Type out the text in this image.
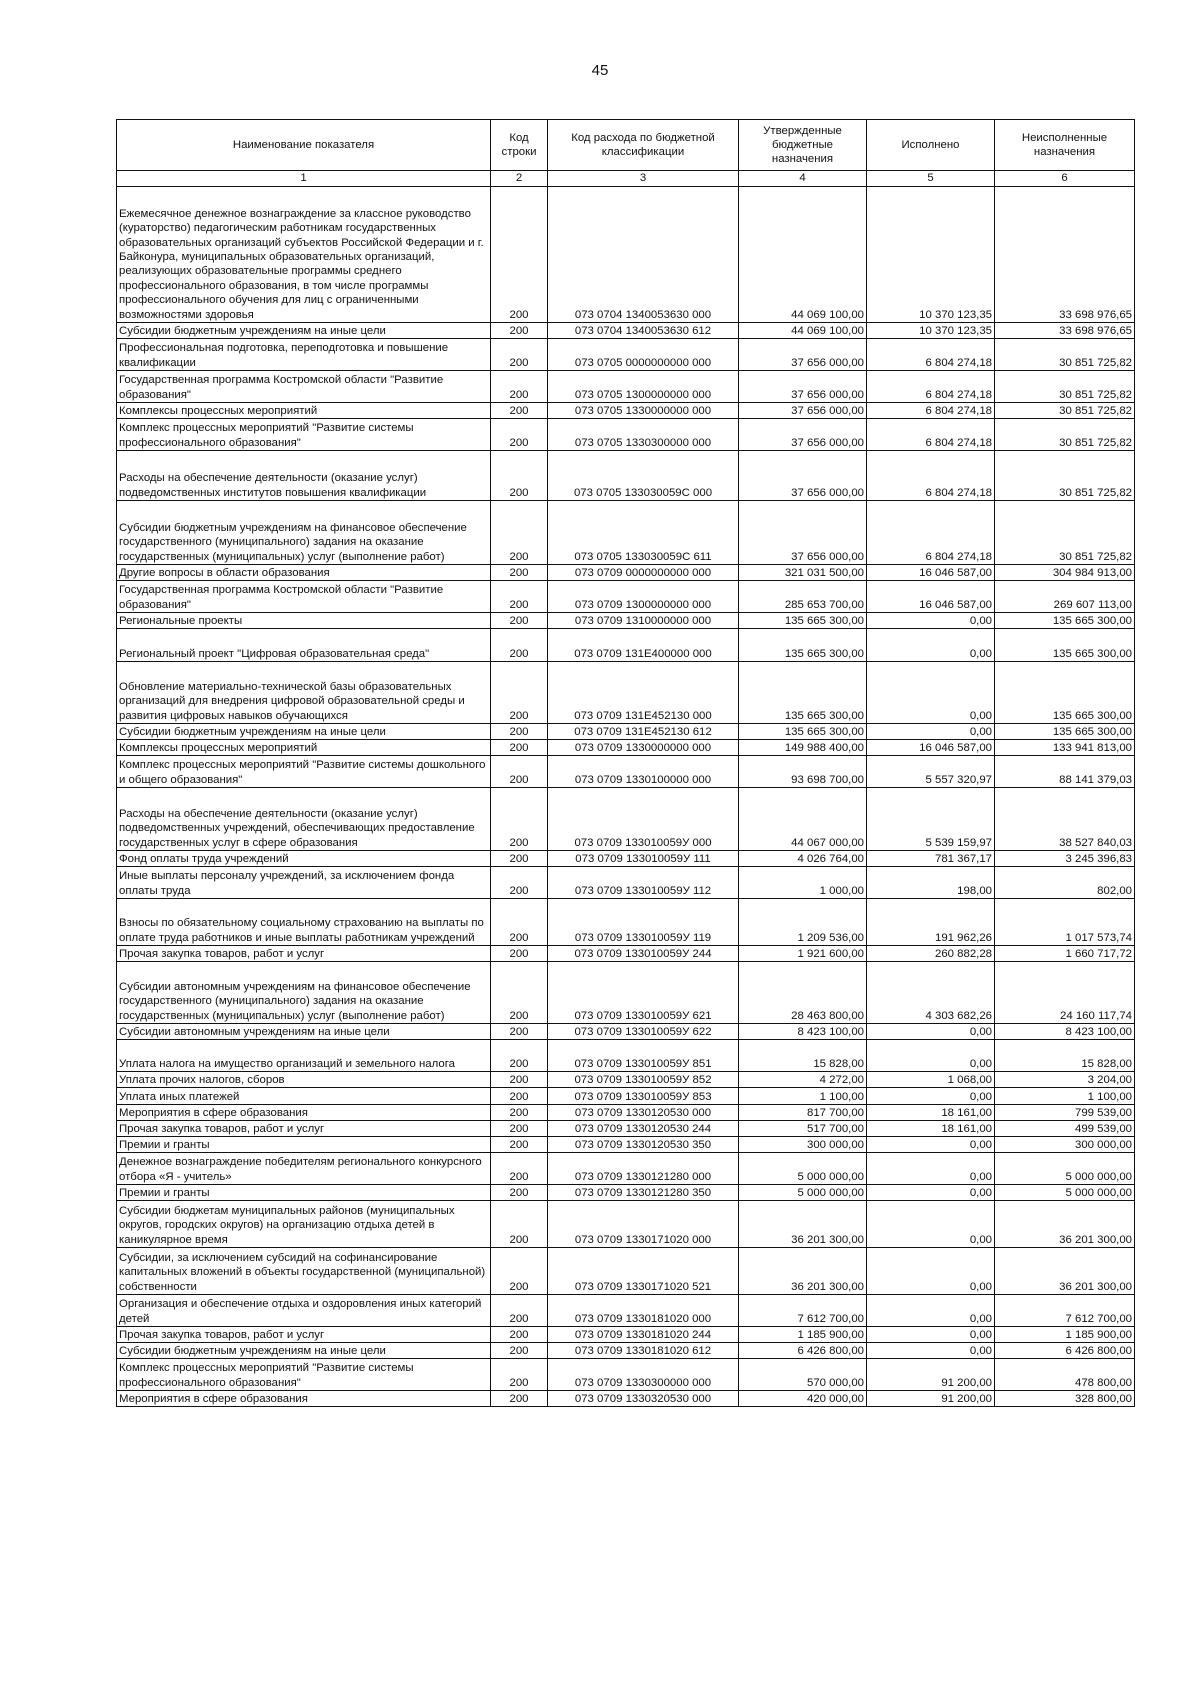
45
Наименование показателя	Код строки	Код расхода по бюджетной классификации	Утвержденные бюджетные назначения	Исполнено	Неисполненные назначения
1	2	3	4	5	6
Ежемесячное денежное вознаграждение за классное руководство (кураторство) педагогическим работникам государственных образовательных организаций субъектов Российской Федерации и г. Байконура, муниципальных образовательных организаций, реализующих образовательные программы среднего профессионального образования, в том числе программы профессионального обучения для лиц с ограниченными возможностями здоровья	200	073 0704 1340053630 000	44 069 100,00	10 370 123,35	33 698 976,65
Субсидии бюджетным учреждениям на иные цели	200	073 0704 1340053630 612	44 069 100,00	10 370 123,35	33 698 976,65
Профессиональная подготовка, переподготовка и повышение квалификации	200	073 0705 0000000000 000	37 656 000,00	6 804 274,18	30 851 725,82
Государственная программа Костромской области "Развитие образования"	200	073 0705 1300000000 000	37 656 000,00	6 804 274,18	30 851 725,82
Комплексы процессных мероприятий	200	073 0705 1330000000 000	37 656 000,00	6 804 274,18	30 851 725,82
Комплекс процессных мероприятий "Развитие системы профессионального образования"	200	073 0705 1330300000 000	37 656 000,00	6 804 274,18	30 851 725,82
Расходы на обеспечение деятельности (оказание услуг) подведомственных институтов повышения квалификации	200	073 0705 133030059С 000	37 656 000,00	6 804 274,18	30 851 725,82
Субсидии бюджетным учреждениям на финансовое обеспечение государственного (муниципального) задания на оказание государственных (муниципальных) услуг (выполнение работ)	200	073 0705 133030059С 611	37 656 000,00	6 804 274,18	30 851 725,82
Другие вопросы в области образования	200	073 0709 0000000000 000	321 031 500,00	16 046 587,00	304 984 913,00
Государственная программа Костромской области "Развитие образования"	200	073 0709 1300000000 000	285 653 700,00	16 046 587,00	269 607 113,00
Региональные проекты	200	073 0709 1310000000 000	135 665 300,00	0,00	135 665 300,00
Региональный проект "Цифровая образовательная среда"	200	073 0709 131Е400000 000	135 665 300,00	0,00	135 665 300,00
Обновление материально-технической базы образовательных организаций для внедрения цифровой образовательной среды и развития цифровых навыков обучающихся	200	073 0709 131Е452130 000	135 665 300,00	0,00	135 665 300,00
Субсидии бюджетным учреждениям на иные цели	200	073 0709 131Е452130 612	135 665 300,00	0,00	135 665 300,00
Комплексы процессных мероприятий	200	073 0709 1330000000 000	149 988 400,00	16 046 587,00	133 941 813,00
Комплекс процессных мероприятий "Развитие системы дошкольного и общего образования"	200	073 0709 1330100000 000	93 698 700,00	5 557 320,97	88 141 379,03
Расходы на обеспечение деятельности (оказание услуг) подведомственных учреждений, обеспечивающих предоставление государственных услуг в сфере образования	200	073 0709 133010059У 000	44 067 000,00	5 539 159,97	38 527 840,03
Фонд оплаты труда учреждений	200	073 0709 133010059У 111	4 026 764,00	781 367,17	3 245 396,83
Иные выплаты персоналу учреждений, за исключением фонда оплаты труда	200	073 0709 133010059У 112	1 000,00	198,00	802,00
Взносы по обязательному социальному страхованию на выплаты по оплате труда работников и иные выплаты работникам учреждений	200	073 0709 133010059У 119	1 209 536,00	191 962,26	1 017 573,74
Прочая закупка товаров, работ и услуг	200	073 0709 133010059У 244	1 921 600,00	260 882,28	1 660 717,72
Субсидии автономным учреждениям на финансовое обеспечение государственного (муниципального) задания на оказание государственных (муниципальных) услуг (выполнение работ)	200	073 0709 133010059У 621	28 463 800,00	4 303 682,26	24 160 117,74
Субсидии автономным учреждениям на иные цели	200	073 0709 133010059У 622	8 423 100,00	0,00	8 423 100,00
Уплата налога на имущество организаций и земельного налога	200	073 0709 133010059У 851	15 828,00	0,00	15 828,00
Уплата прочих налогов, сборов	200	073 0709 133010059У 852	4 272,00	1 068,00	3 204,00
Уплата иных платежей	200	073 0709 133010059У 853	1 100,00	0,00	1 100,00
Мероприятия в сфере образования	200	073 0709 1330120530 000	817 700,00	18 161,00	799 539,00
Прочая закупка товаров, работ и услуг	200	073 0709 1330120530 244	517 700,00	18 161,00	499 539,00
Премии и гранты	200	073 0709 1330120530 350	300 000,00	0,00	300 000,00
Денежное вознаграждение победителям регионального конкурсного отбора «Я - учитель»	200	073 0709 1330121280 000	5 000 000,00	0,00	5 000 000,00
Премии и гранты	200	073 0709 1330121280 350	5 000 000,00	0,00	5 000 000,00
Субсидии бюджетам муниципальных районов (муниципальных округов, городских округов) на организацию отдыха детей в каникулярное время	200	073 0709 1330171020 000	36 201 300,00	0,00	36 201 300,00
Субсидии, за исключением субсидий на софинансирование капитальных вложений в объекты государственной (муниципальной) собственности	200	073 0709 1330171020 521	36 201 300,00	0,00	36 201 300,00
Организация и обеспечение отдыха и оздоровления иных категорий детей	200	073 0709 1330181020 000	7 612 700,00	0,00	7 612 700,00
Прочая закупка товаров, работ и услуг	200	073 0709 1330181020 244	1 185 900,00	0,00	1 185 900,00
Субсидии бюджетным учреждениям на иные цели	200	073 0709 1330181020 612	6 426 800,00	0,00	6 426 800,00
Комплекс процессных мероприятий "Развитие системы профессионального образования"	200	073 0709 1330300000 000	570 000,00	91 200,00	478 800,00
Мероприятия в сфере образования	200	073 0709 1330320530 000	420 000,00	91 200,00	328 800,00
